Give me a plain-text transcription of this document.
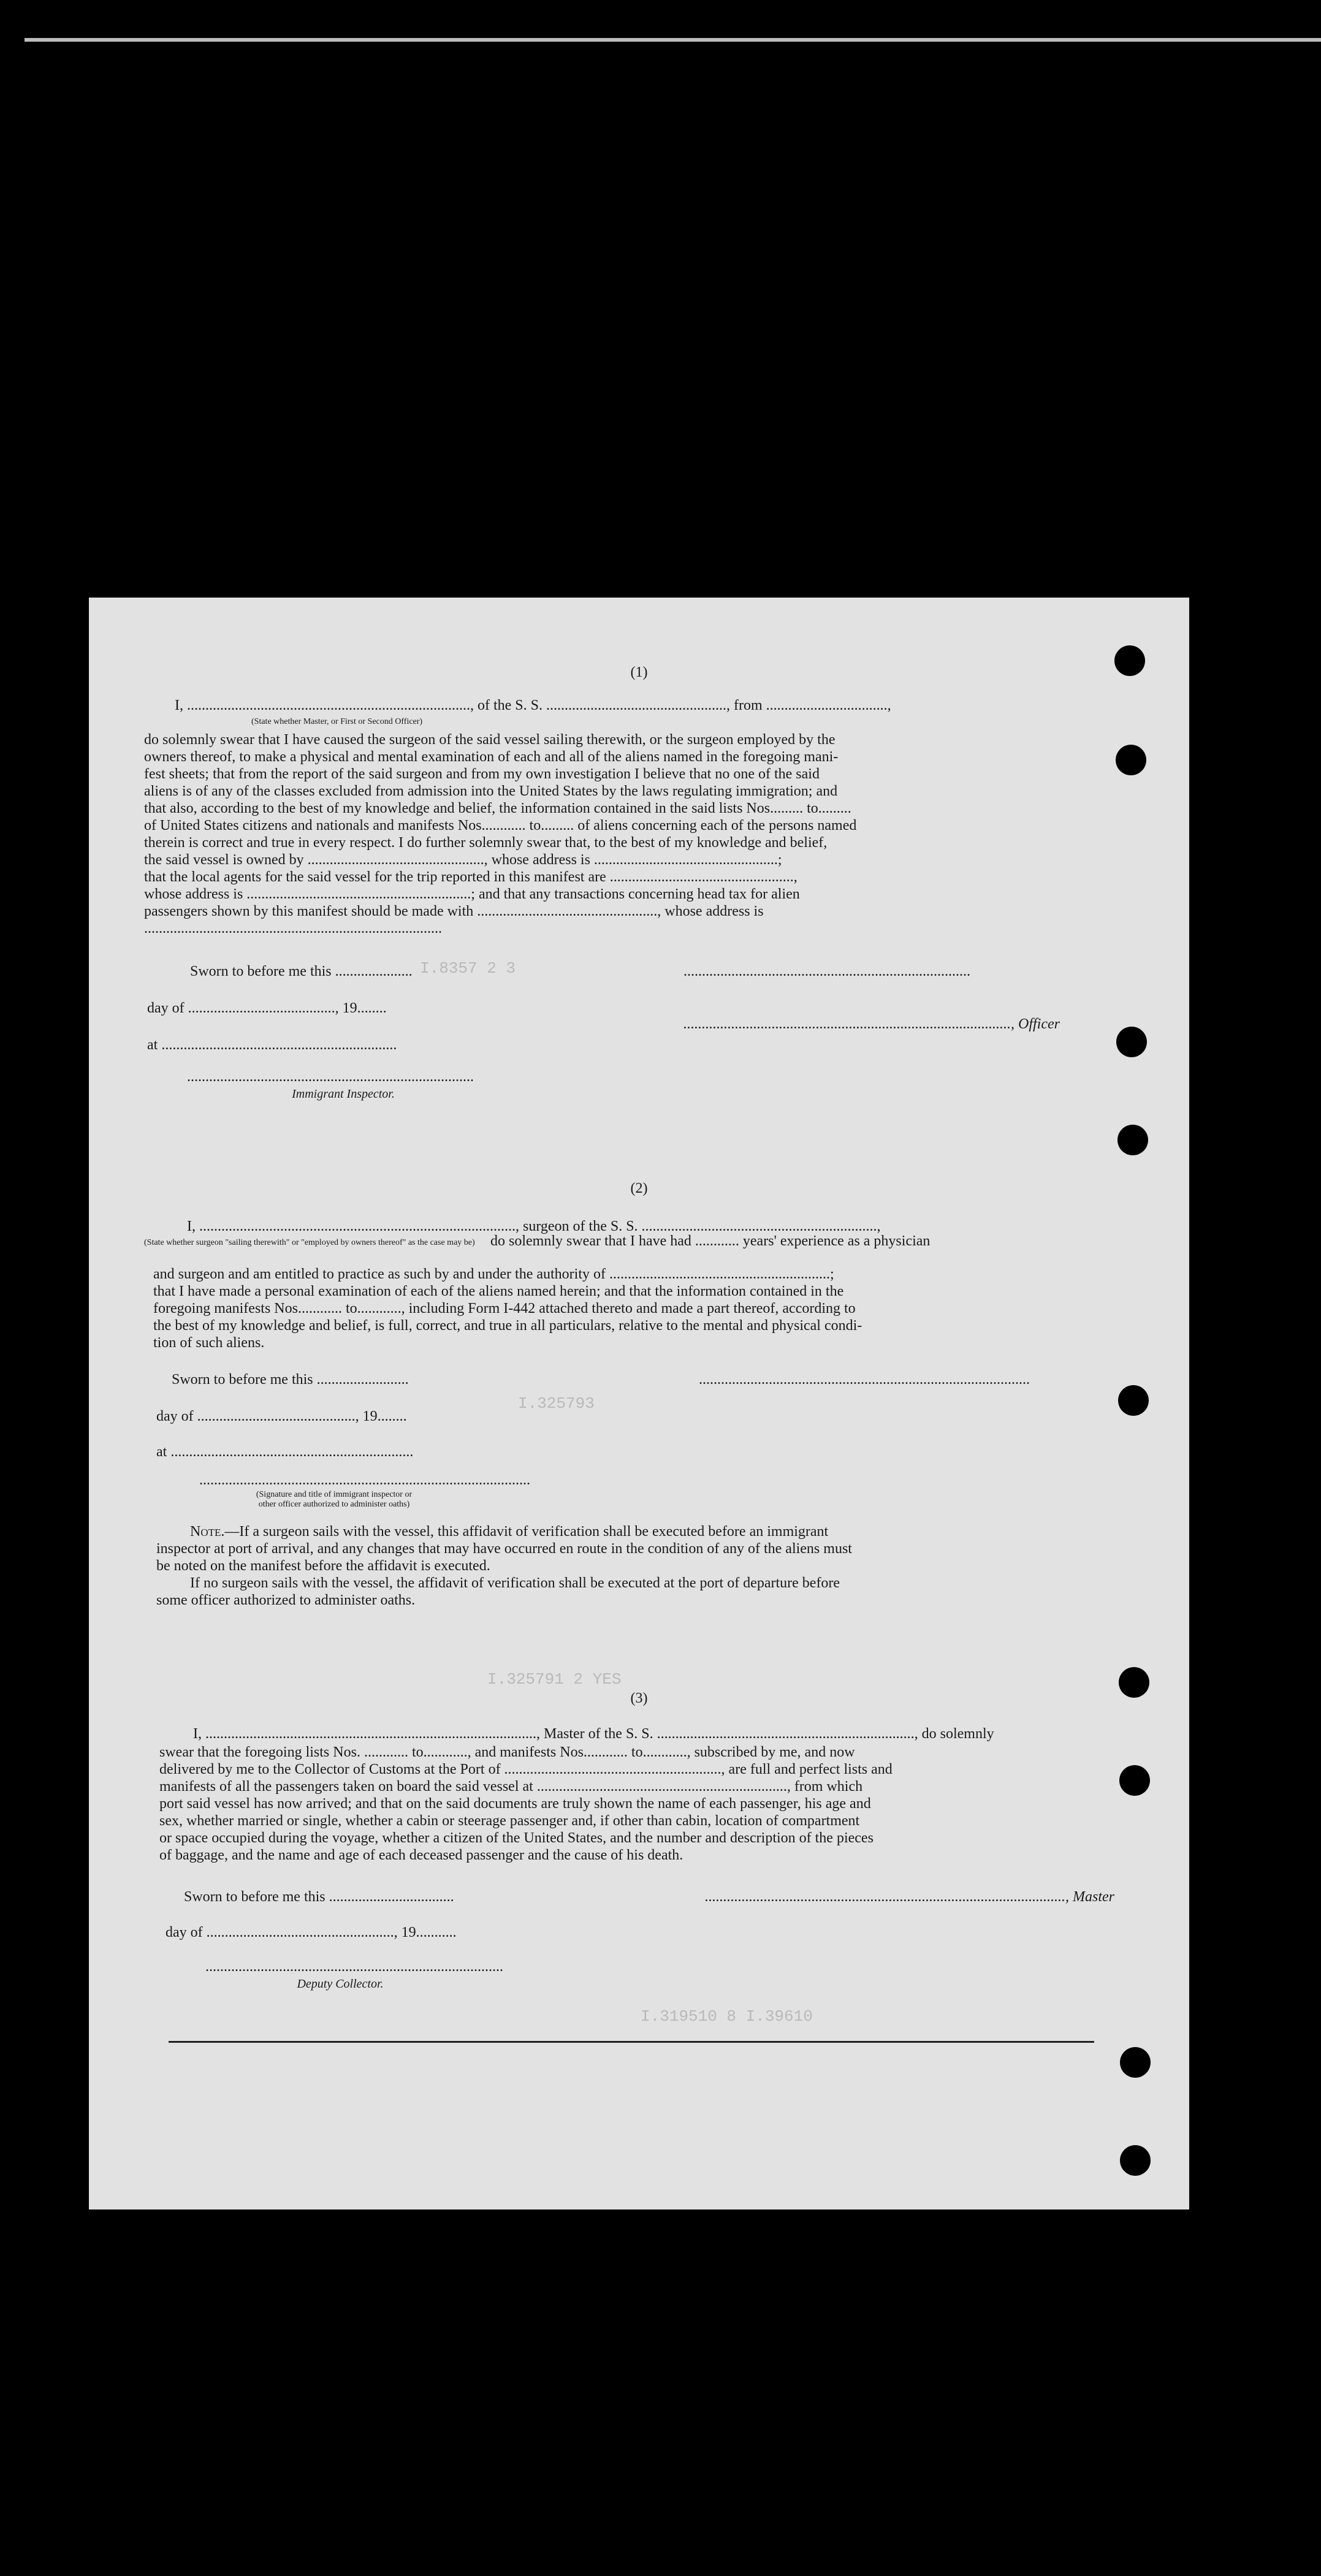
I.8357 2 3
I.325793
I.325791 2 YES
I.319510 8 I.39610
(1)
I, ............................................................................., of the S. S. ................................................., from .................................,
(State whether Master, or First or Second Officer)
do solemnly swear that I have caused the surgeon of the said vessel sailing therewith, or the surgeon employed by the
owners thereof, to make a physical and mental examination of each and all of the aliens named in the foregoing mani-
fest sheets; that from the report of the said surgeon and from my own investigation I believe that no one of the said
aliens is of any of the classes excluded from admission into the United States by the laws regulating immigration; and
that also, according to the best of my knowledge and belief, the information contained in the said lists Nos......... to.........
of United States citizens and nationals and manifests Nos............ to......... of aliens concerning each of the persons named
therein is correct and true in every respect. I do further solemnly swear that, to the best of my knowledge and belief,
the said vessel is owned by ................................................, whose address is ..................................................;
that the local agents for the said vessel for the trip reported in this manifest are ..................................................,
whose address is .............................................................; and that any transactions concerning head tax for alien
passengers shown by this manifest should be made with ................................................., whose address is
.................................................................................
Sworn to before me this .....................	..............................................................................
day of ........................................, 19........
........................................................................................., Officer
at ................................................................
..............................................................................
Immigrant Inspector.
(2)
I, ......................................................................................, surgeon of the S. S. ................................................................,
(State whether surgeon "sailing therewith" or "employed by owners thereof" as the case may be) do solemnly swear that I have had ............ years' experience as a physician
and surgeon and am entitled to practice as such by and under the authority of ............................................................;
that I have made a personal examination of each of the aliens named herein; and that the information contained in the
foregoing manifests Nos............ to............, including Form I-442 attached thereto and made a part thereof, according to
the best of my knowledge and belief, is full, correct, and true in all particulars, relative to the mental and physical condi-
tion of such aliens.
Sworn to before me this .........................	..........................................................................................
day of ..........................................., 19........
at ..................................................................
..........................................................................................
(Signature and title of immigrant inspector or
other officer authorized to administer oaths)
Note.—If a surgeon sails with the vessel, this affidavit of verification shall be executed before an immigrant
inspector at port of arrival, and any changes that may have occurred en route in the condition of any of the aliens must
be noted on the manifest before the affidavit is executed.
If no surgeon sails with the vessel, the affidavit of verification shall be executed at the port of departure before
some officer authorized to administer oaths.
(3)
I, .........................................................................................., Master of the S. S. ......................................................................, do solemnly
swear that the foregoing lists Nos. ............ to............, and manifests Nos............ to............, subscribed by me, and now
delivered by me to the Collector of Customs at the Port of ..........................................................., are full and perfect lists and
manifests of all the passengers taken on board the said vessel at ...................................................................., from which
port said vessel has now arrived; and that on the said documents are truly shown the name of each passenger, his age and
sex, whether married or single, whether a cabin or steerage passenger and, if other than cabin, location of compartment
or space occupied during the voyage, whether a citizen of the United States, and the number and description of the pieces
of baggage, and the name and age of each deceased passenger and the cause of his death.
Sworn to before me this ..................................	.................................................................................................., Master
day of ..................................................., 19...........
.................................................................................
Deputy Collector.
